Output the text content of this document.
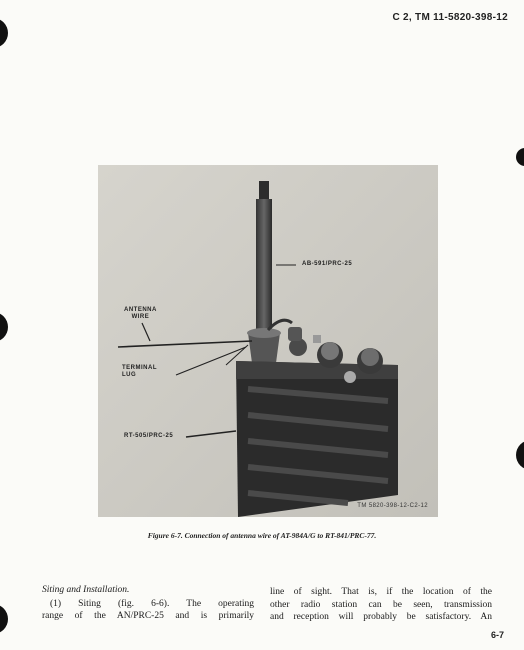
C 2, TM 11-5820-398-12
AB-591/PRC-25
ANTENNA
WIRE
TERMINAL
LUG
RT-505/PRC-25
TM 5820-398-12-C2-12
Figure 6-7. Connection of antenna wire of AT-984A/G to RT-841/PRC-77.
Siting and Installation.
(1) Siting (fig. 6-6). The operating
range of the AN/PRC-25 and is primarily
line of sight. That is, if the location of the
other radio station can be seen, transmission
and reception will probably be satisfactory. An
6-7
